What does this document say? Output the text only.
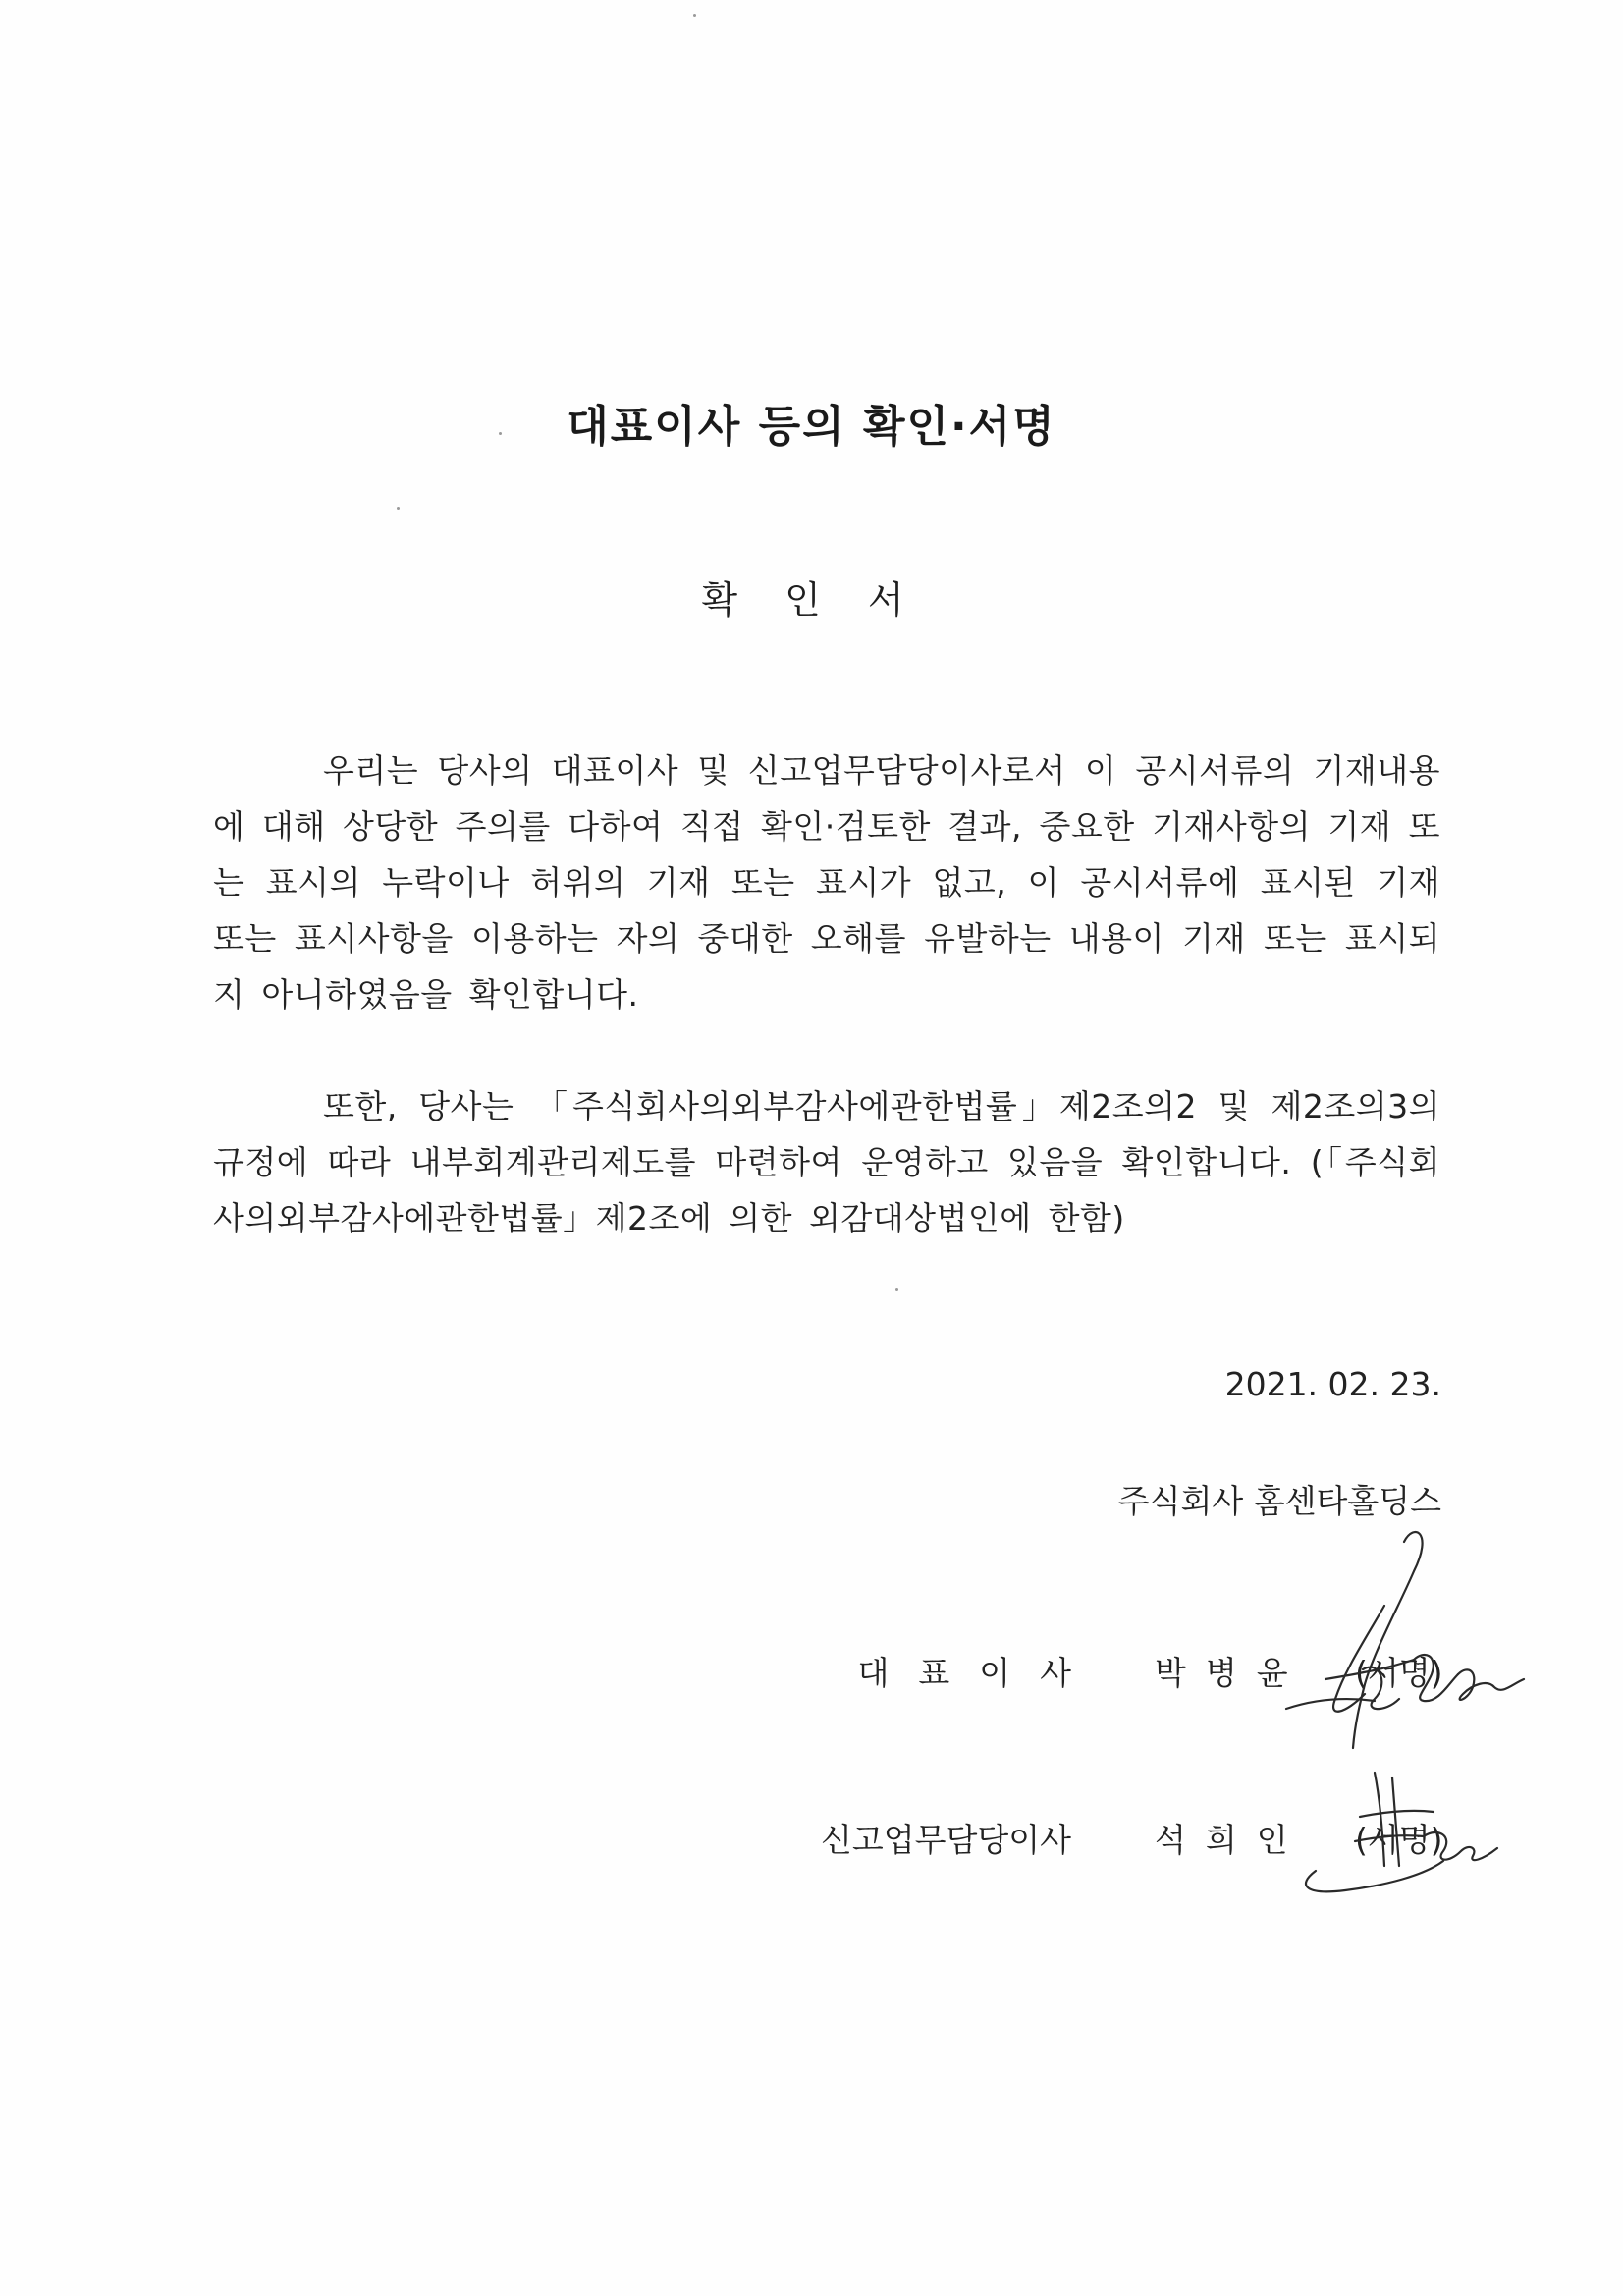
대표이사 등의 확인·서명
확 인 서

우리는 당사의 대표이사 및 신고업무담당이사로서 이 공시서류의 기재내용에 대해 상당한 주의를 다하여 직접 확인·검토한 결과, 중요한 기재사항의 기재 또는 표시의 누락이나 허위의 기재 또는 표시가 없고, 이 공시서류에 표시된 기재 또는 표시사항을 이용하는 자의 중대한 오해를 유발하는 내용이 기재 또는 표시되지 아니하였음을 확인합니다.

또한, 당사는 「주식회사의외부감사에관한법률」제2조의2 및 제2조의3의 규정에 따라 내부회계관리제도를 마련하여 운영하고 있음을 확인합니다. (「주식회사의외부감사에관한법률」제2조에 의한 외감대상법인에 한함)

2021. 02. 23.
주식회사 홈센타홀딩스
대표이사 박병윤 (서명)
신고업무담당이사	석희인 (서명)
